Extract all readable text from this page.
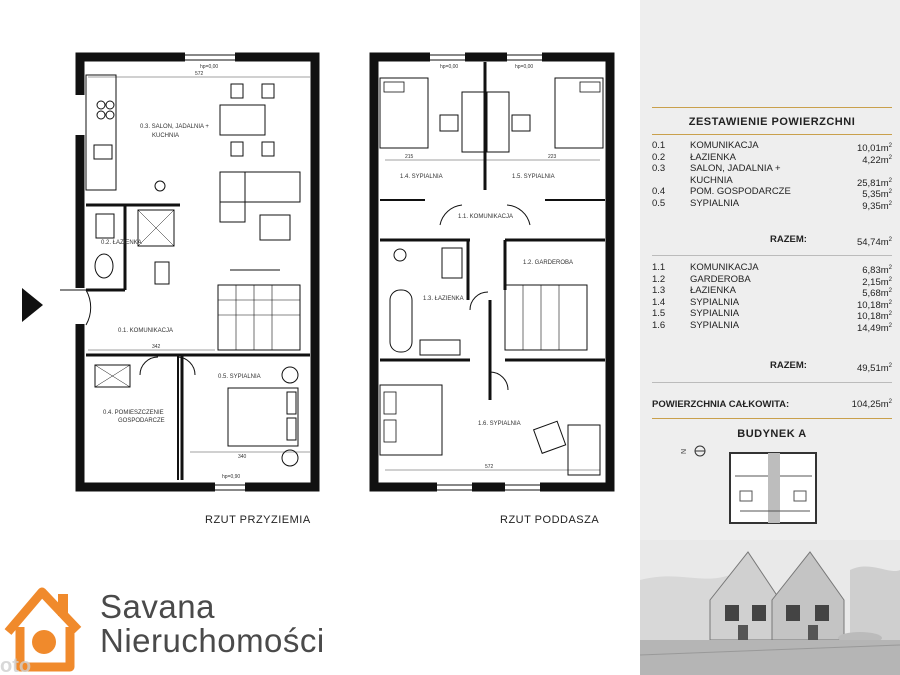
0.3. SALON, JADALNIA +
KUCHNIA
0.2. ŁAZIENKA
0.1. KOMUNIKACJA
0.5. SYPIALNIA
0.4. POMIESZCZENIE
GOSPODARCZE
572
hp=0,00
hp=0,90
342
340
1.4. SYPIALNIA	1.5. SYPIALNIA
1.1. KOMUNIKACJA
1.2. GARDEROBA
1.3. ŁAZIENKA
1.6. SYPIALNIA
215	223
572
hp=0,00	hp=0,00
RZUT PRZYZIEMIA	RZUT PODDASZA
oto
Savana
Nieruchomości
ZESTAWIENIE POWIERZCHNI
0.1	KOMUNIKACJA	$10,01m^2$
0.2	ŁAZIENKA	$4,22m^2$
0.3	SALON, JADALNIA +
KUCHNIA	$25,81m^2$
0.4	POM. GOSPODARCZE	$5,35m^2$
0.5	SYPIALNIA	$9,35m^2$
RAZEM:	$54,74m^2$
1.1	KOMUNIKACJA	$6,83m^2$
1.2	GARDEROBA	$2,15m^2$
1.3	ŁAZIENKA	$5,68m^2$
1.4	SYPIALNIA	$10,18m^2$
1.5	SYPIALNIA	$10,18m^2$
1.6	SYPIALNIA	$14,49m^2$
RAZEM:	$49,51m^2$
POWIERZCHNIA CAŁKOWITA:	$104,25m^2$
BUDYNEK A
N
